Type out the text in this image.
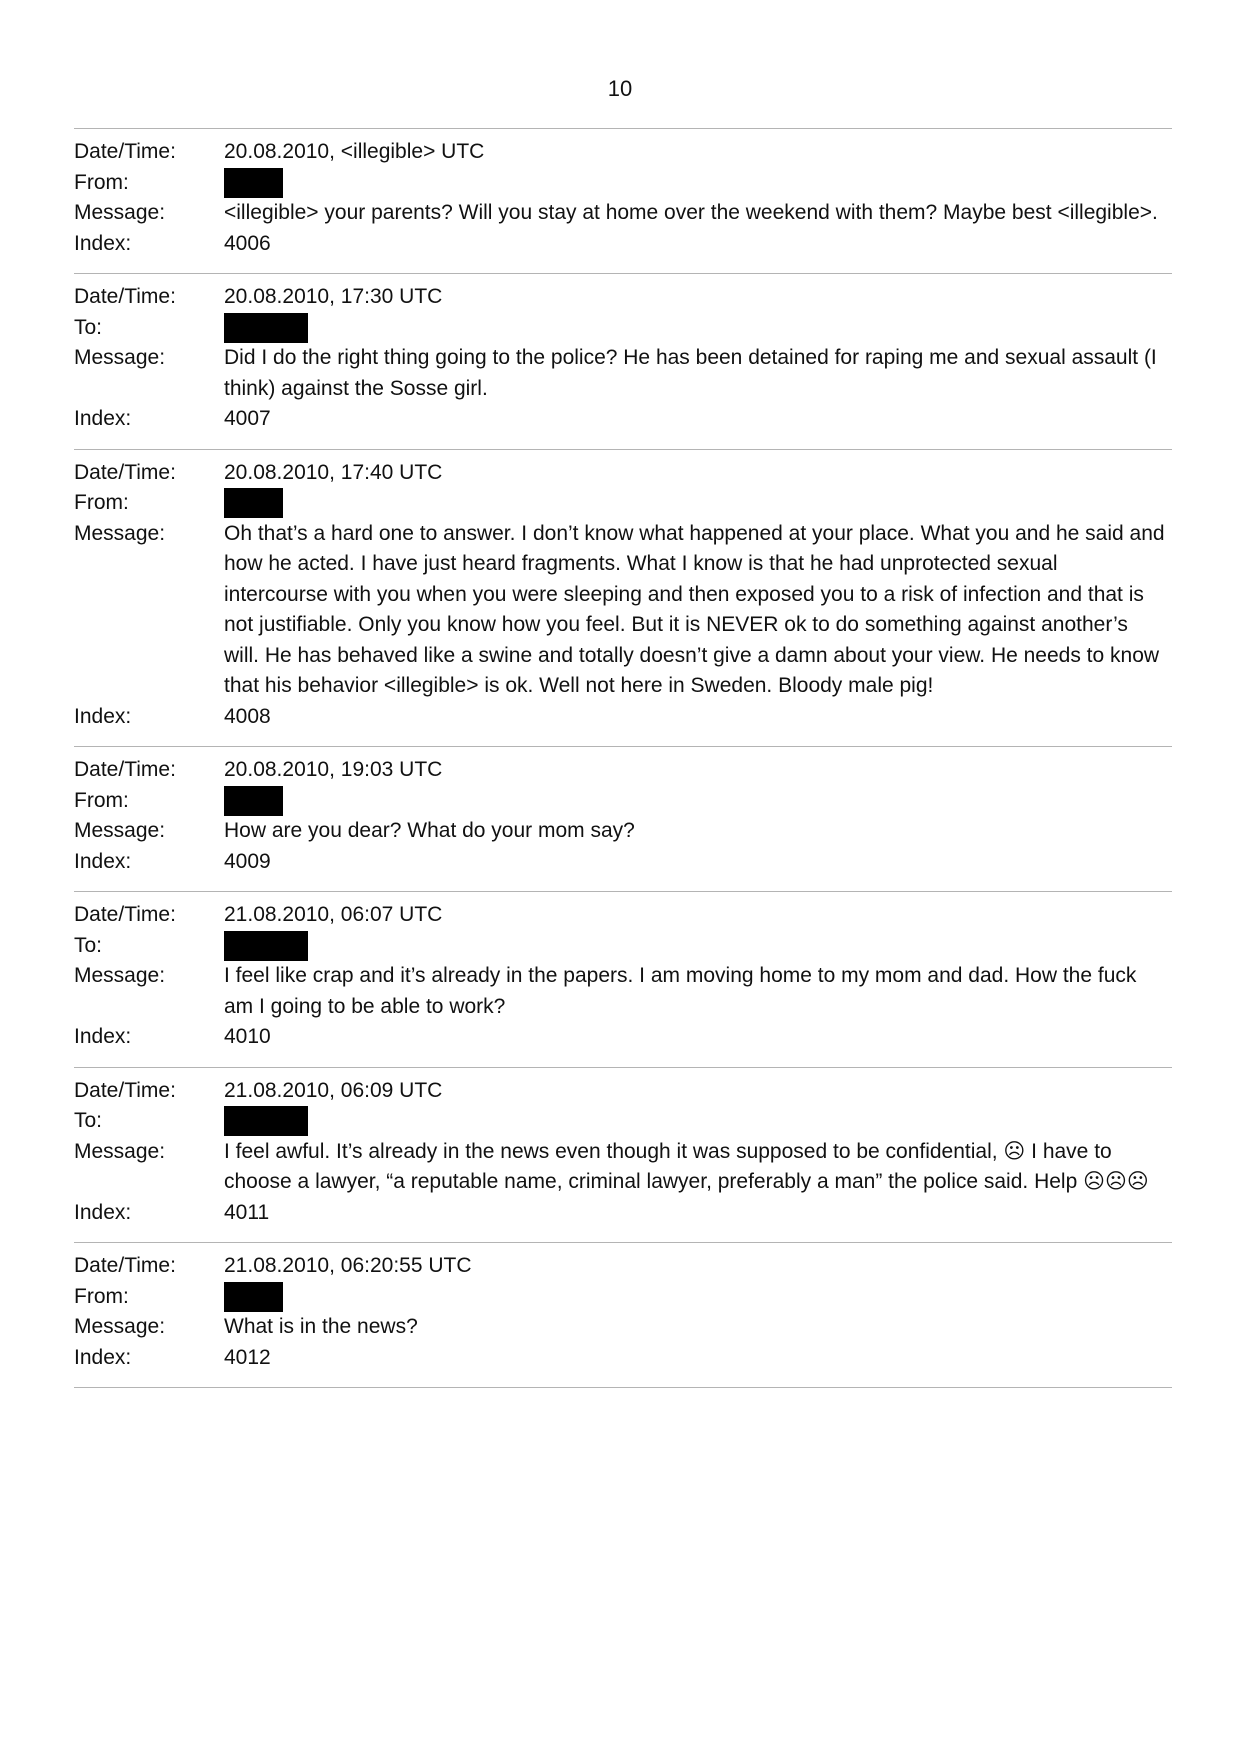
10
Date/Time:	20.08.2010, <illegible> UTC
From:
Message:	<illegible> your parents? Will you stay at home over the weekend with them? Maybe best <illegible>.
Index:	4006
Date/Time:	20.08.2010, 17:30 UTC
To:
Message:	Did I do the right thing going to the police? He has been detained for raping me and sexual assault (I think) against the Sosse girl.
Index:	4007
Date/Time:	20.08.2010, 17:40 UTC
From:
Message:	Oh that’s a hard one to answer. I don’t know what happened at your place. What you and he said and how he acted. I have just heard fragments. What I know is that he had unprotected sexual intercourse with you when you were sleeping and then exposed you to a risk of infection and that is not justifiable. Only you know how you feel. But it is NEVER ok to do something against another’s will. He has behaved like a swine and totally doesn’t give a damn about your view. He needs to know that his behavior <illegible> is ok. Well not here in Sweden. Bloody male pig!
Index:	4008
Date/Time:	20.08.2010, 19:03 UTC
From:
Message:	How are you dear? What do your mom say?
Index:	4009
Date/Time:	21.08.2010, 06:07 UTC
To:
Message:	I feel like crap and it’s already in the papers. I am moving home to my mom and dad. How the fuck am I going to be able to work?
Index:	4010
Date/Time:	21.08.2010, 06:09 UTC
To:
Message:	I feel awful. It’s already in the news even though it was supposed to be confidential, ☹ I have to choose a lawyer, “a reputable name, criminal lawyer, preferably a man” the police said. Help ☹☹☹
Index:	4011
Date/Time:	21.08.2010, 06:20:55 UTC
From:
Message:	What is in the news?
Index:	4012
